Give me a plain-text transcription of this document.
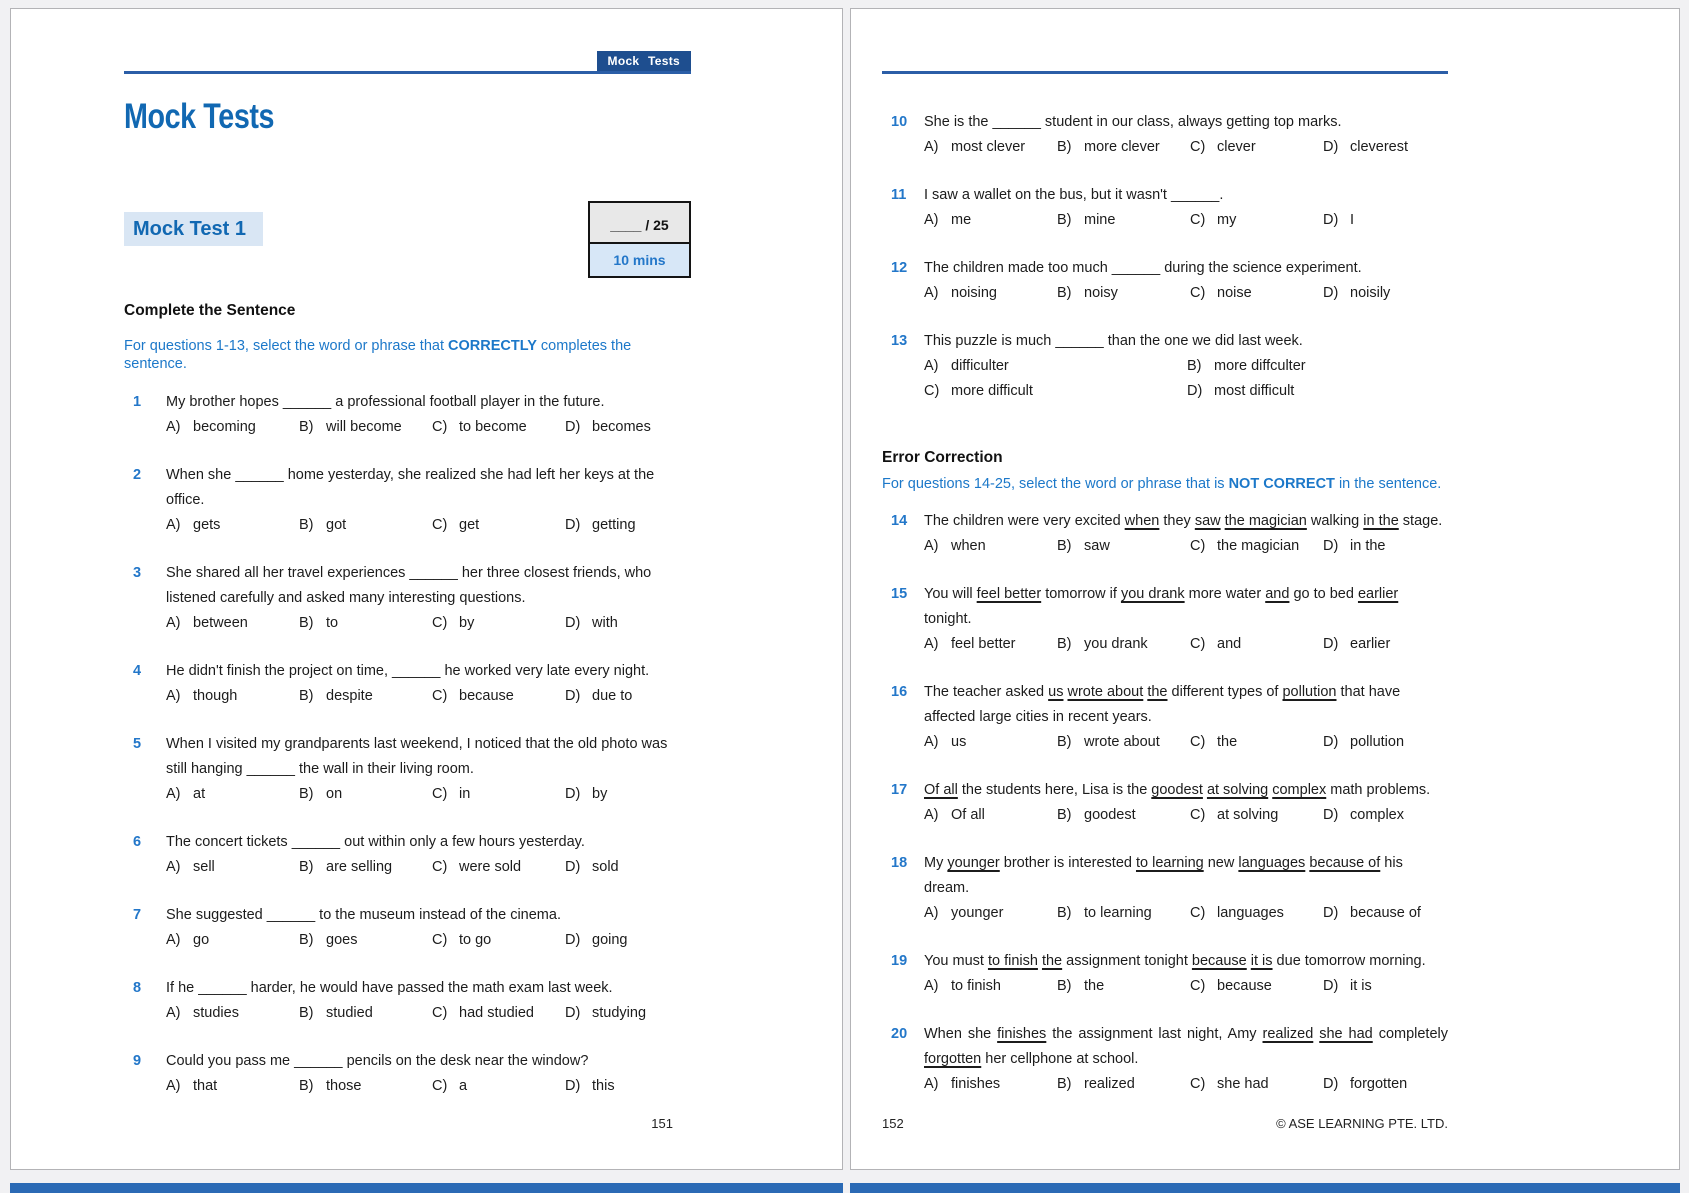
Mock Tests
Mock Tests
Mock Test 1	____ / 25
10 mins
Complete the Sentence

For questions 1-13, select the word or phrase that CORRECTLY completes the sentence.

1	My brother hopes ______ a professional football player in the future.
A) becoming	B) will become C) to become	D) becomes
2	When she ______ home yesterday, she realized she had left her keys at the office.
A) gets	B) got	C) get	D) getting
3	She shared all her travel experiences ______ her three closest friends, who listened carefully and asked many interesting questions.
A) between	B) to	C) by	D) with
4	He didn't finish the project on time, ______ he worked very late every night.
A) though	B) despite	C) because	D) due to
5	When I visited my grandparents last weekend, I noticed that the old photo was still hanging ______ the wall in their living room.
A) at	B) on	C) in	D) by
6	The concert tickets ______ out within only a few hours yesterday.
A) sell	B) are selling	C) were sold	D) sold
7	She suggested ______ to the museum instead of the cinema.
A) go	B) goes	C) to go	D) going
8	If he ______ harder, he would have passed the math exam last week.
A) studies	B) studied	C) had studied D) studying
9	Could you pass me ______ pencils on the desk near the window?
A) that	B) those	C) a	D) this
151
10	She is the ______ student in our class, always getting top marks.
A) most clever B) more clever C) clever	D) cleverest
11	I saw a wallet on the bus, but it wasn't ______.
A) me	B) mine	C) my	D) I
12	The children made too much ______ during the science experiment.
A) noising	B) noisy	C) noise	D) noisily
13	This puzzle is much ______ than the one we did last week.
A) difficulter	B) more diffculter
C) more difficult	D) most difficult
Error Correction

For questions 14-25, select the word or phrase that is NOT CORRECT in the sentence.

14	The children were very excited when they saw the magician walking in the stage.
A) when	B) saw	C) the magician D) in the
15	You will feel better tomorrow if you drank more water and go to bed earlier tonight.
A) feel better	B) you drank	C) and	D) earlier
16	The teacher asked us wrote about the different types of pollution that have affected large cities in recent years.
A) us	B) wrote about C) the	D) pollution
17	Of all the students here, Lisa is the goodest at solving complex math problems.
A) Of all	B) goodest	C) at solving	D) complex
18	My younger brother is interested to learning new languages because of his dream.
A) younger	B) to learning	C) languages	D) because of
19	You must to finish the assignment tonight because it is due tomorrow morning.
A) to finish	B) the	C) because	D) it is
20	When she finishes the assignment last night, Amy realized she had completely forgotten her cellphone at school.
A) finishes	B) realized	C) she had	D) forgotten
152	© ASE LEARNING PTE. LTD.
